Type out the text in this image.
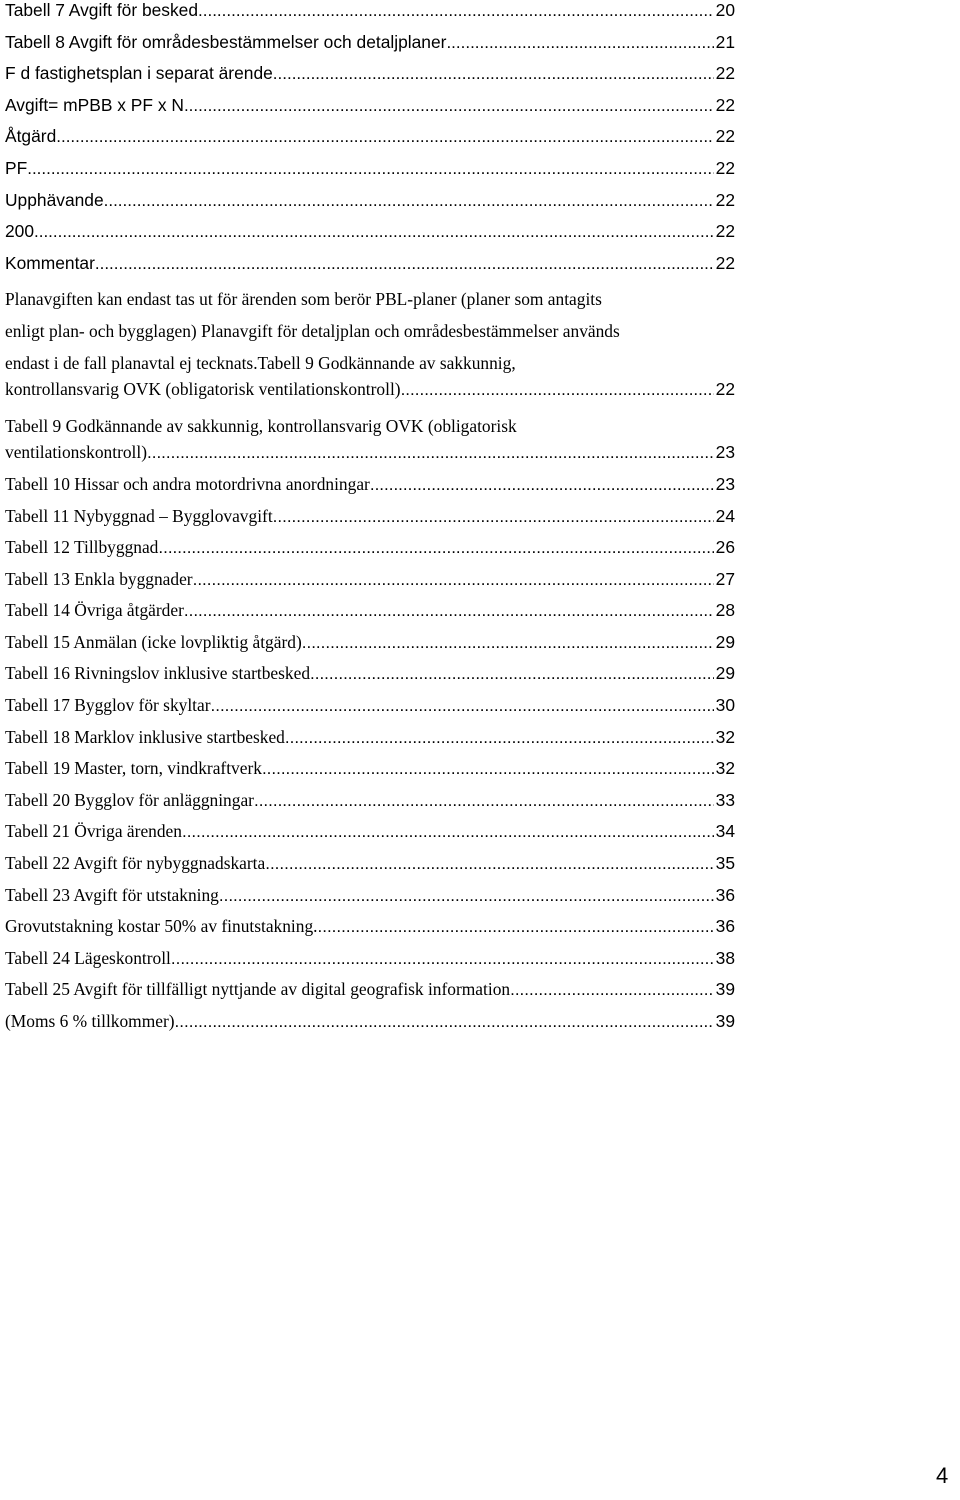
Tabell 7 Avgift för besked .....	20
Tabell 8 Avgift för områdesbestämmelser och detaljplaner .....	21
F d fastighetsplan i separat ärende .....	22
Avgift= mPBB x PF x N .....	22
Åtgärd .....	22
PF .....	22
Upphävande .....	22
200 .....	22
Kommentar .....	22
Planavgiften kan endast tas ut för ärenden som berör PBL-planer (planer som antagits
enligt plan- och bygglagen) Planavgift för detaljplan och områdesbestämmelser används
endast i de fall planavtal ej tecknats.Tabell 9 Godkännande av sakkunnig,
kontrollansvarig OVK (obligatorisk ventilationskontroll) .....	22
Tabell 9 Godkännande av sakkunnig, kontrollansvarig OVK (obligatorisk
ventilationskontroll) .....	23
Tabell 10 Hissar och andra motordrivna anordningar .....	23
Tabell 11 Nybyggnad – Bygglovavgift .....	24
Tabell 12 Tillbyggnad .....	26
Tabell 13 Enkla byggnader .....	27
Tabell 14 Övriga åtgärder .....	28
Tabell 15 Anmälan (icke lovpliktig åtgärd) .....	29
Tabell 16 Rivningslov inklusive startbesked .....	29
Tabell 17 Bygglov för skyltar .....	30
Tabell 18 Marklov inklusive startbesked .....	32
Tabell 19 Master, torn, vindkraftverk .....	32
Tabell 20 Bygglov för anläggningar .....	33
Tabell 21 Övriga ärenden .....	34
Tabell 22 Avgift för nybyggnadskarta .....	35
Tabell 23 Avgift för utstakning .....	36
Grovutstakning kostar 50% av finutstakning. .....	36
Tabell 24 Lägeskontroll .....	38
Tabell 25 Avgift för tillfälligt nyttjande av digital geografisk information .....	39
(Moms 6 % tillkommer) .....	39
4
